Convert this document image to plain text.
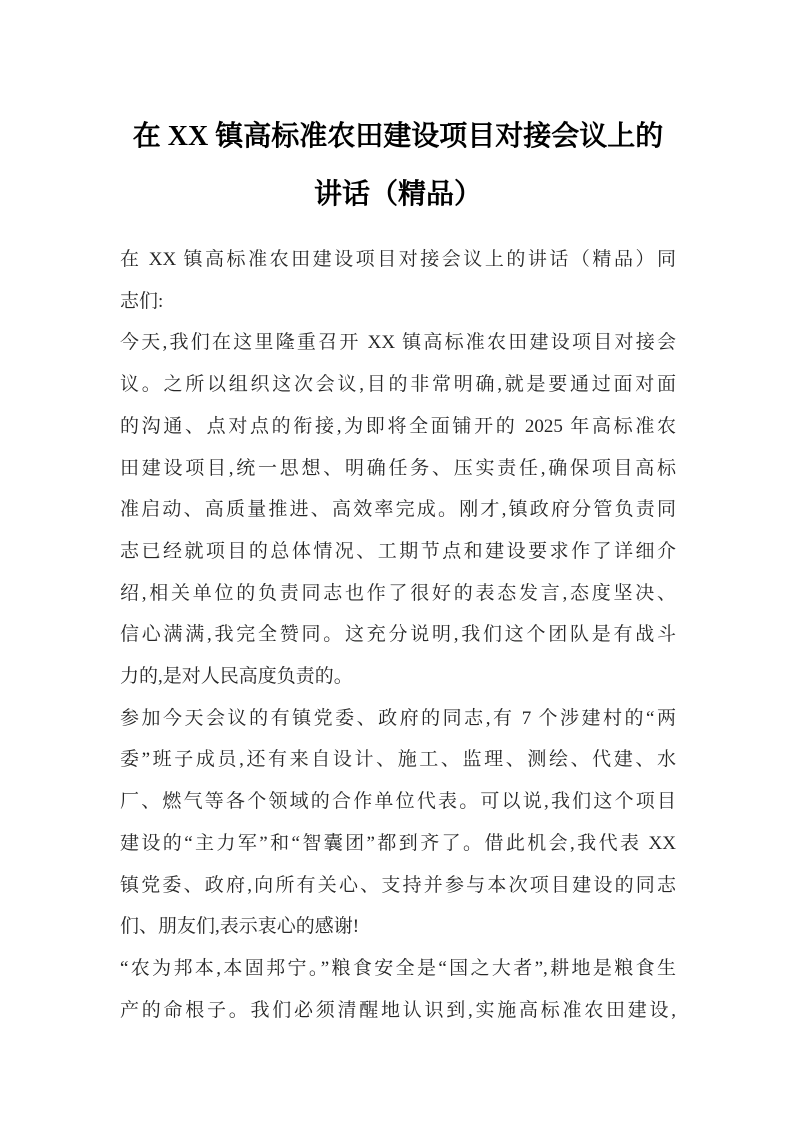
在 XX 镇高标准农田建设项目对接会议上的
讲话（精品）

在 XX 镇高标准农田建设项目对接会议上的讲话（精品）同
志们:

今天,我们在这里隆重召开 XX 镇高标准农田建设项目对接会
议。之所以组织这次会议,目的非常明确,就是要通过面对面
的沟通、点对点的衔接,为即将全面铺开的 2025 年高标准农
田建设项目,统一思想、明确任务、压实责任,确保项目高标
准启动、高质量推进、高效率完成。刚才,镇政府分管负责同
志已经就项目的总体情况、工期节点和建设要求作了详细介
绍,相关单位的负责同志也作了很好的表态发言,态度坚决、
信心满满,我完全赞同。这充分说明,我们这个团队是有战斗
力的,是对人民高度负责的。

参加今天会议的有镇党委、政府的同志,有 7 个涉建村的“两
委”班子成员,还有来自设计、施工、监理、测绘、代建、水
厂、燃气等各个领域的合作单位代表。可以说,我们这个项目
建设的“主力军”和“智囊团”都到齐了。借此机会,我代表 XX
镇党委、政府,向所有关心、支持并参与本次项目建设的同志
们、朋友们,表示衷心的感谢!

“农为邦本,本固邦宁。”粮食安全是“国之大者”,耕地是粮食生
产的命根子。我们必须清醒地认识到,实施高标准农田建设,
